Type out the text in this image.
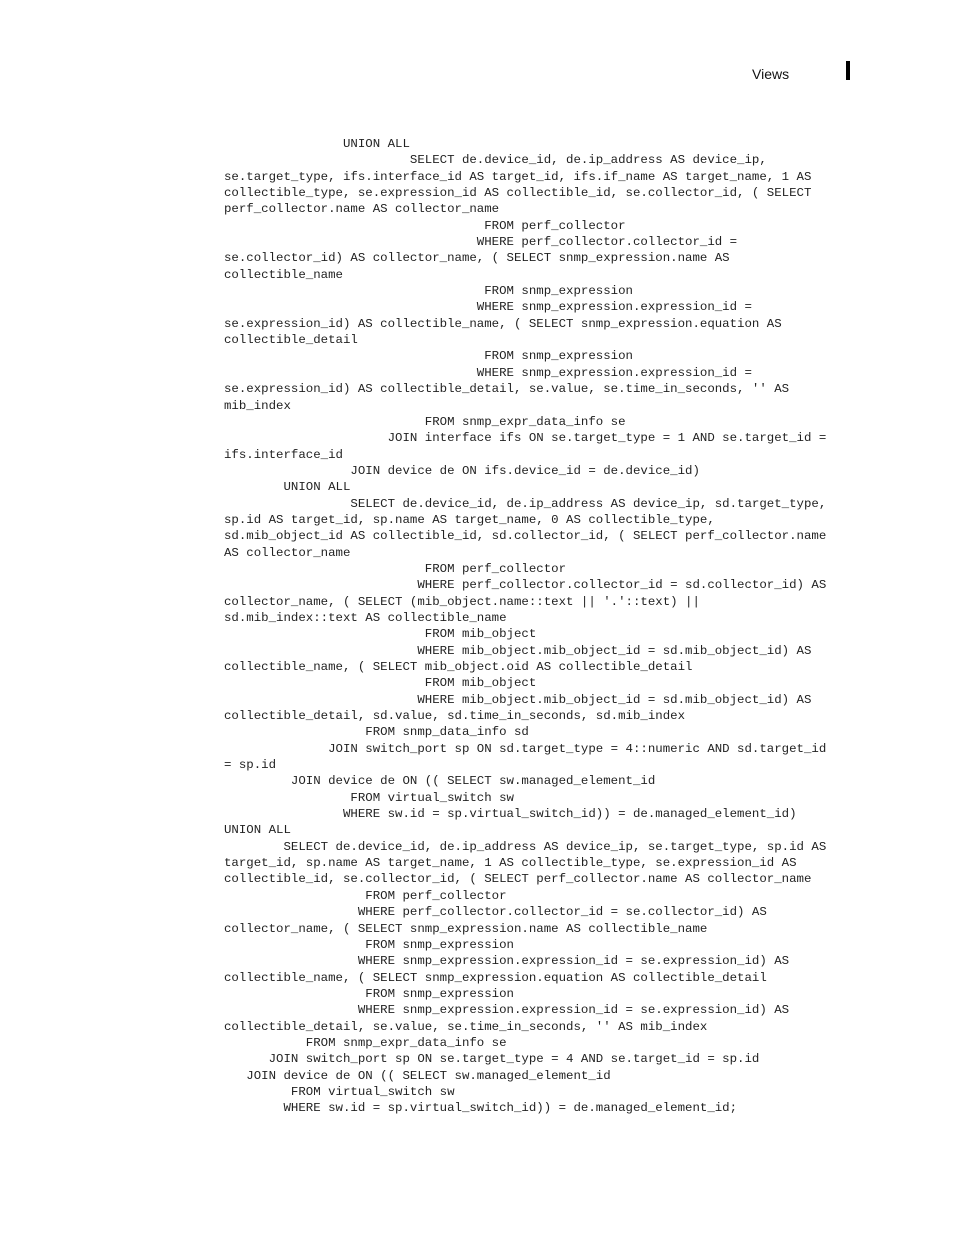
Views
UNION ALL
SELECT de.device_id, de.ip_address AS device_ip,
se.target_type, ifs.interface_id AS target_id, ifs.if_name AS target_name, 1 AS
collectible_type, se.expression_id AS collectible_id, se.collector_id, ( SELECT
perf_collector.name AS collector_name
FROM perf_collector
WHERE perf_collector.collector_id =
se.collector_id) AS collector_name, ( SELECT snmp_expression.name AS
collectible_name
FROM snmp_expression
WHERE snmp_expression.expression_id =
se.expression_id) AS collectible_name, ( SELECT snmp_expression.equation AS
collectible_detail
FROM snmp_expression
WHERE snmp_expression.expression_id =
se.expression_id) AS collectible_detail, se.value, se.time_in_seconds, '' AS
mib_index
FROM snmp_expr_data_info se
JOIN interface ifs ON se.target_type = 1 AND se.target_id =
ifs.interface_id
JOIN device de ON ifs.device_id = de.device_id)
UNION ALL
SELECT de.device_id, de.ip_address AS device_ip, sd.target_type,
sp.id AS target_id, sp.name AS target_name, 0 AS collectible_type,
sd.mib_object_id AS collectible_id, sd.collector_id, ( SELECT perf_collector.name
AS collector_name
FROM perf_collector
WHERE perf_collector.collector_id = sd.collector_id) AS
collector_name, ( SELECT (mib_object.name::text || '.'::text) ||
sd.mib_index::text AS collectible_name
FROM mib_object
WHERE mib_object.mib_object_id = sd.mib_object_id) AS
collectible_name, ( SELECT mib_object.oid AS collectible_detail
FROM mib_object
WHERE mib_object.mib_object_id = sd.mib_object_id) AS
collectible_detail, sd.value, sd.time_in_seconds, sd.mib_index
FROM snmp_data_info sd
JOIN switch_port sp ON sd.target_type = 4::numeric AND sd.target_id
= sp.id
JOIN device de ON (( SELECT sw.managed_element_id
FROM virtual_switch sw
WHERE sw.id = sp.virtual_switch_id)) = de.managed_element_id)
UNION ALL
SELECT de.device_id, de.ip_address AS device_ip, se.target_type, sp.id AS
target_id, sp.name AS target_name, 1 AS collectible_type, se.expression_id AS
collectible_id, se.collector_id, ( SELECT perf_collector.name AS collector_name
FROM perf_collector
WHERE perf_collector.collector_id = se.collector_id) AS
collector_name, ( SELECT snmp_expression.name AS collectible_name
FROM snmp_expression
WHERE snmp_expression.expression_id = se.expression_id) AS
collectible_name, ( SELECT snmp_expression.equation AS collectible_detail
FROM snmp_expression
WHERE snmp_expression.expression_id = se.expression_id) AS
collectible_detail, se.value, se.time_in_seconds, '' AS mib_index
FROM snmp_expr_data_info se
JOIN switch_port sp ON se.target_type = 4 AND se.target_id = sp.id
JOIN device de ON (( SELECT sw.managed_element_id
FROM virtual_switch sw
WHERE sw.id = sp.virtual_switch_id)) = de.managed_element_id;
